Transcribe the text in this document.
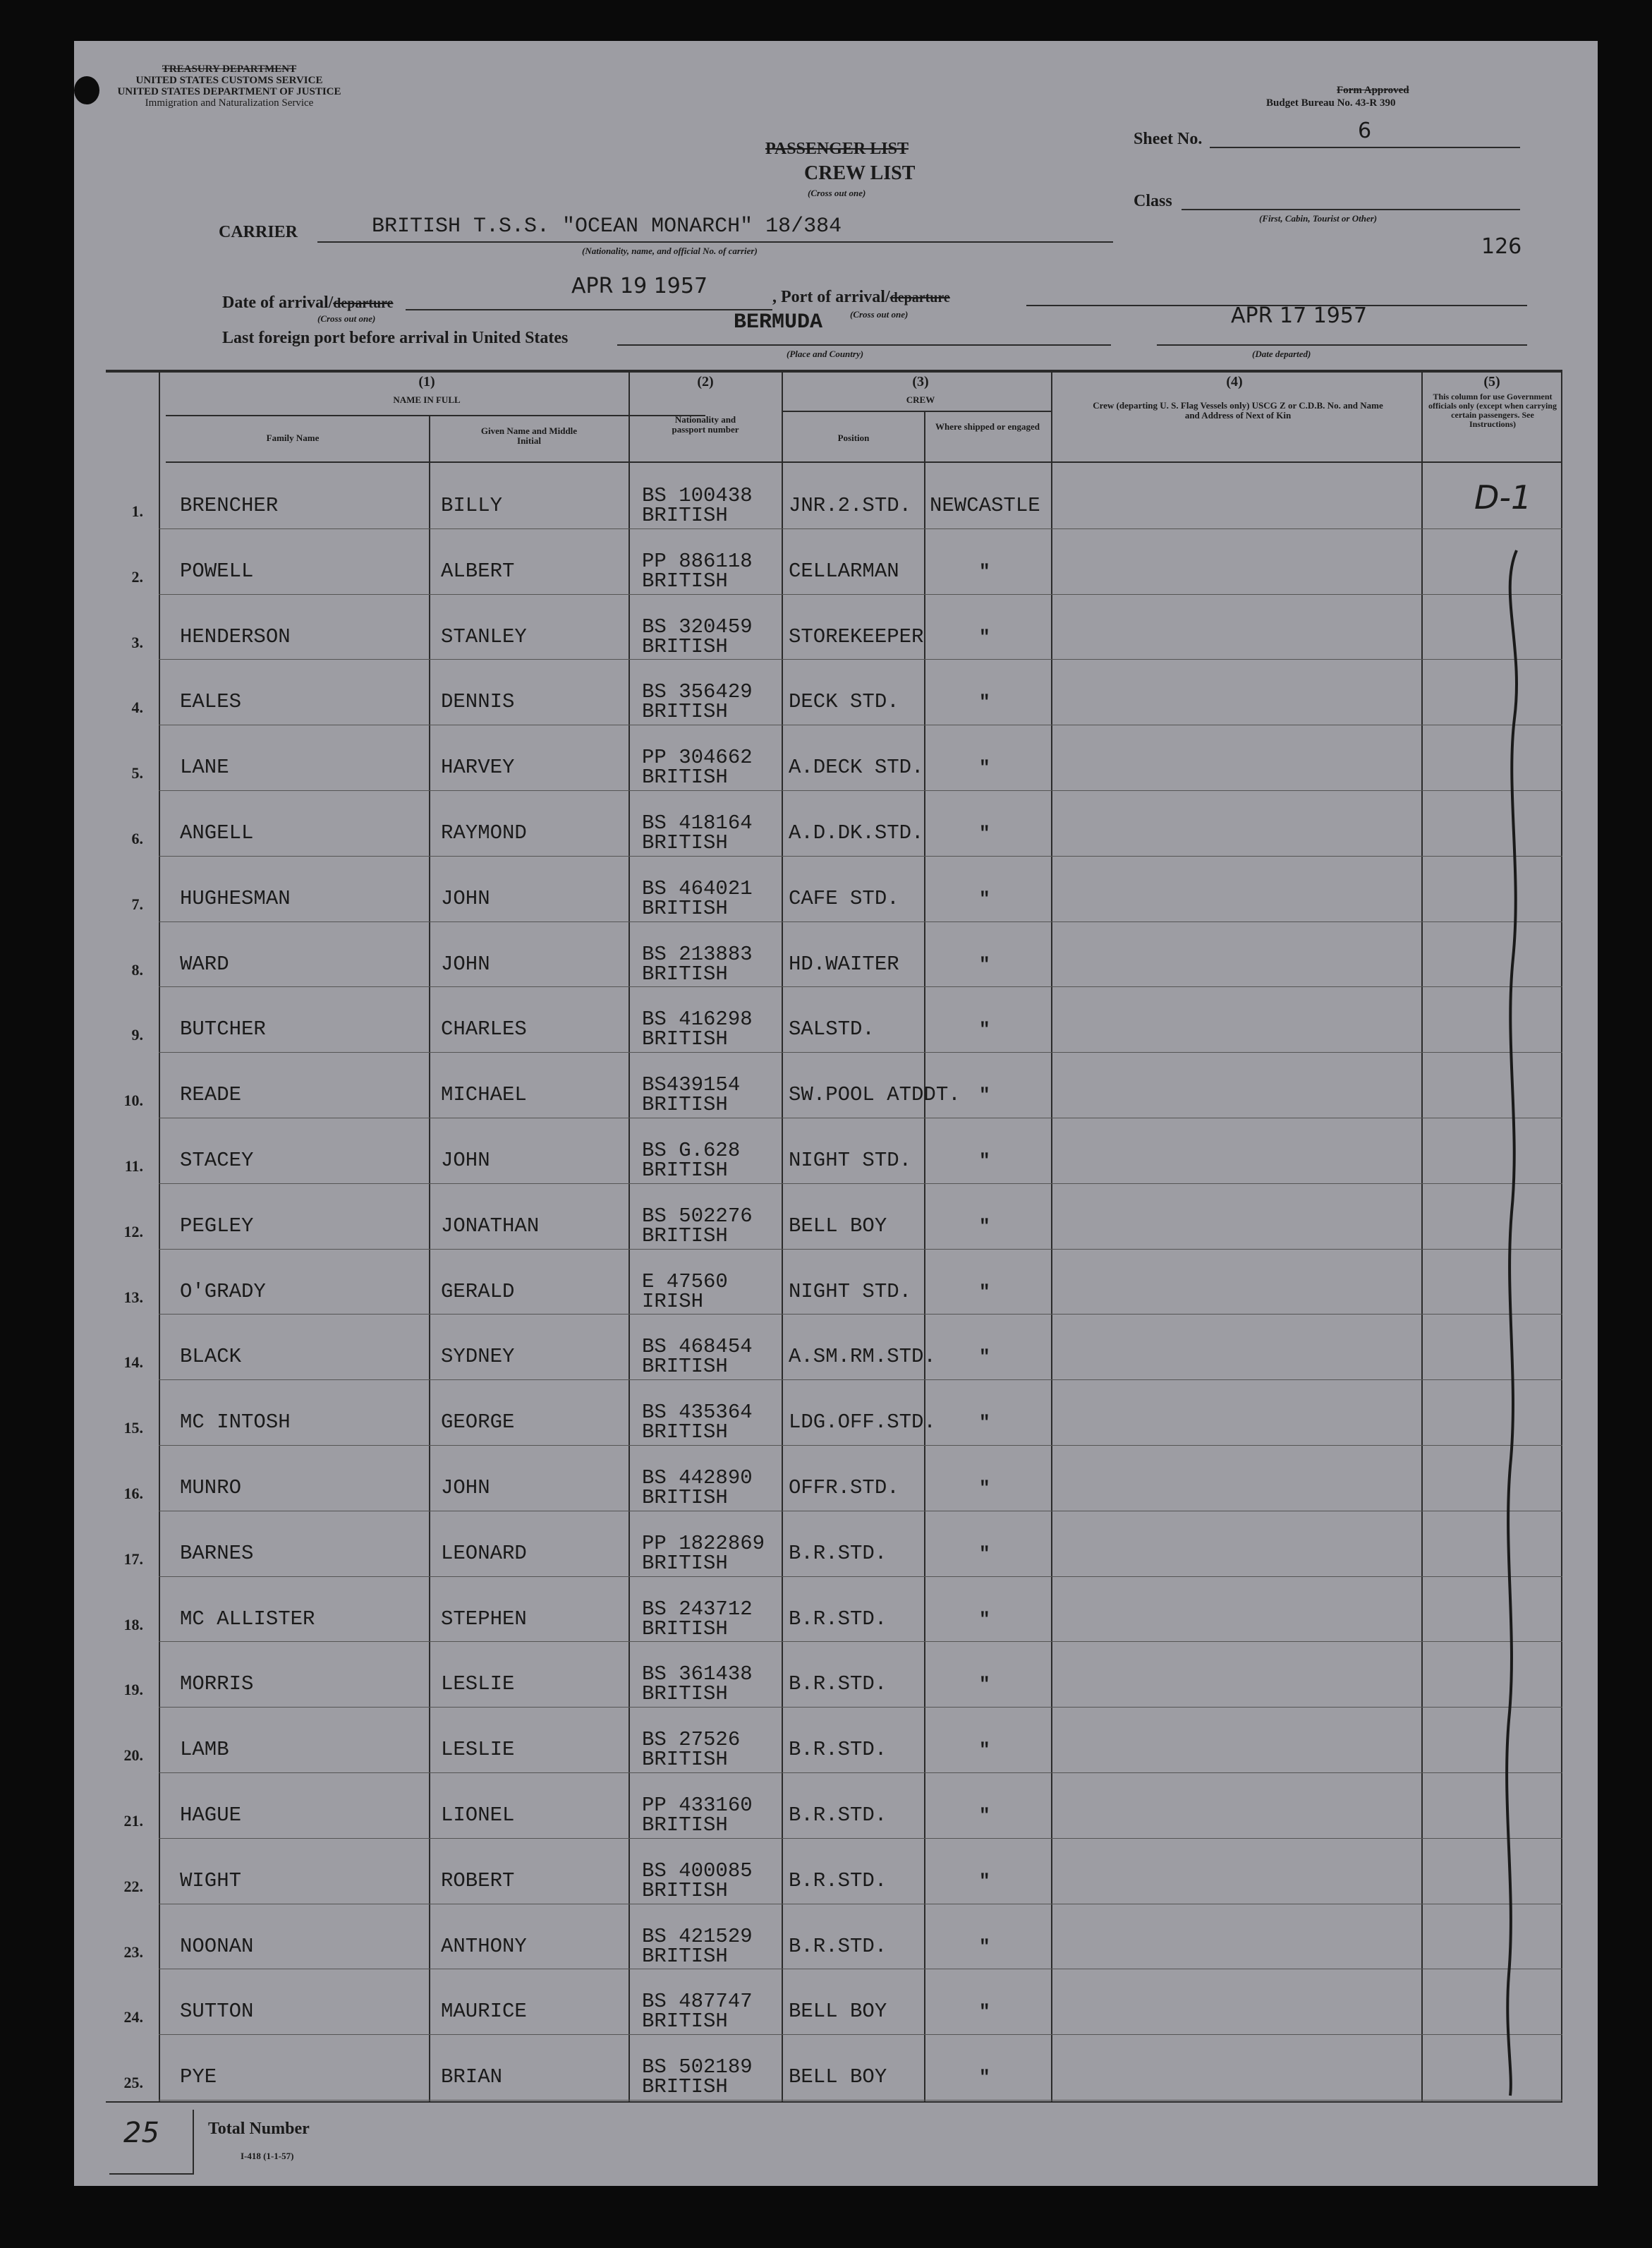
TREASURY DEPARTMENT
UNITED STATES CUSTOMS SERVICE
UNITED STATES DEPARTMENT OF JUSTICE
Immigration and Naturalization Service
Form Approved
Budget Bureau No. 43-R 390
PASSENGER LIST
CREW LIST
(Cross out one)
Sheet No.	6
Class
(First, Cabin, Tourist or Other)
126
CARRIER	BRITISH T.S.S. "OCEAN MONARCH" 18/384
(Nationality, name, and official No. of carrier)
Date of arrival/departure
(Cross out one)
APR 19 1957	, Port of arrival/departure
(Cross out one)
BERMUDA	APR 17 1957
Last foreign port before arrival in United States
(Place and Country)	(Date departed)
(1)
NAME IN FULL
Family Name
Given Name and Middle Initial
(2)
Nationality and passport number
(3)
CREW
Position
Where shipped or engaged
(4)
Crew (departing U. S. Flag Vessels only) USCG Z or C.D.B. No. and Name and Address of Next of Kin
(5)
This column for use Government officials only (except when carrying certain passengers. See Instructions)
1. BRENCHER	BILLY	BS 100438
BRITISH	JNR.2.STD. NEWCASTLE
2. POWELL	ALBERT	PP 886118
BRITISH	CELLARMAN	"
3. HENDERSON	STANLEY	BS 320459
BRITISH	STOREKEEPER	"
4. EALES	DENNIS	BS 356429
BRITISH	DECK STD.	"
5. LANE	HARVEY	PP 304662
BRITISH	A.DECK STD.	"
6. ANGELL	RAYMOND	BS 418164
BRITISH	A.D.DK.STD.	"
7. HUGHESMAN	JOHN	BS 464021
BRITISH	CAFE STD.	"
8. WARD	JOHN	BS 213883
BRITISH	HD.WAITER	"
9. BUTCHER	CHARLES	BS 416298
BRITISH	SALSTD.	"
10. READE	MICHAEL	BS439154
BRITISH	SW.POOL ATDDT. "
11. STACEY	JOHN	BS G.628
BRITISH	NIGHT STD.	"
12. PEGLEY	JONATHAN	BS 502276
BRITISH	BELL BOY	"
13. O'GRADY	GERALD	E 47560
IRISH	NIGHT STD.	"
14. BLACK	SYDNEY	BS 468454
BRITISH	A.SM.RM.STD. "
15. MC INTOSH	GEORGE	BS 435364
BRITISH	LDG.OFF.STD. "
16. MUNRO	JOHN	BS 442890
BRITISH	OFFR.STD.	"
17. BARNES	LEONARD	PP 1822869
BRITISH	B.R.STD.	"
18. MC ALLISTER	STEPHEN	BS 243712
BRITISH	B.R.STD.	"
19. MORRIS	LESLIE	BS 361438
BRITISH	B.R.STD.	"
20. LAMB	LESLIE	BS 27526
BRITISH	B.R.STD.	"
21. HAGUE	LIONEL	PP 433160
BRITISH	B.R.STD.	"
22. WIGHT	ROBERT	BS 400085
BRITISH	B.R.STD.	"
23. NOONAN	ANTHONY	BS 421529
BRITISH	B.R.STD.	"
24. SUTTON	MAURICE	BS 487747
BRITISH	BELL BOY	"
25. PYE	BRIAN	BS 502189
BRITISH	BELL BOY	"
D-1
25	Total Number
I-418 (1-1-57)
